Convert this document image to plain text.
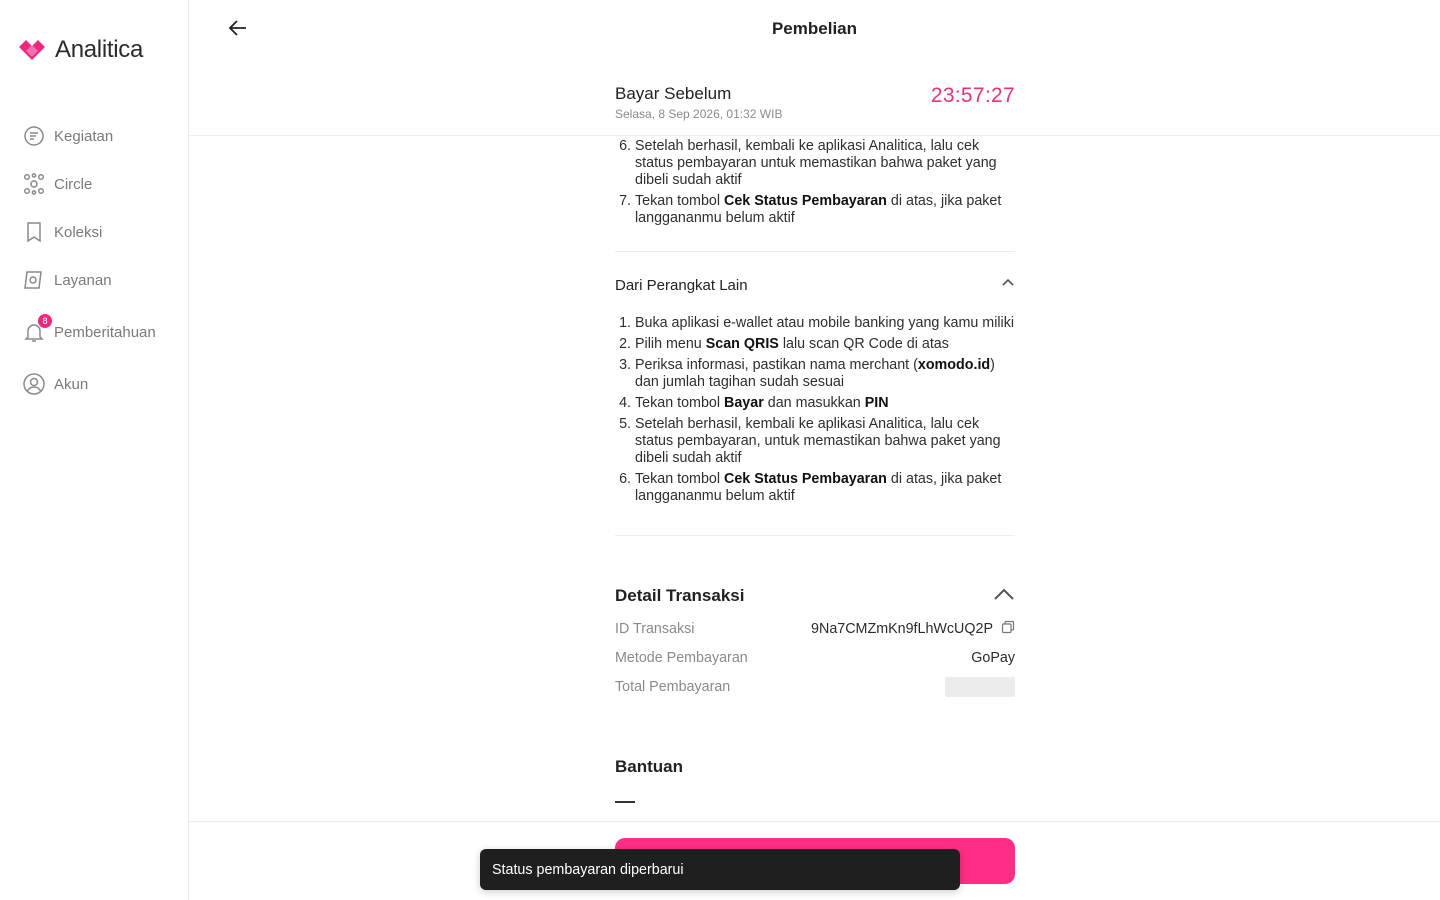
Analitica
Kegiatan
Circle
Koleksi
Layanan
8
Pemberitahuan
Akun
Pembelian
Bayar Sebelum
Selasa, 8 Sep 2026, 01:32 WIB
23:57:27
6. Setelah berhasil, kembali ke aplikasi Analitica, lalu cek status pembayaran untuk memastikan bahwa paket yang dibeli sudah aktif
7. Tekan tombol Cek Status Pembayaran di atas, jika paket langgananmu belum aktif
Dari Perangkat Lain
1. Buka aplikasi e-wallet atau mobile banking yang kamu miliki
2. Pilih menu Scan QRIS lalu scan QR Code di atas
3. Periksa informasi, pastikan nama merchant (xomodo.id) dan jumlah tagihan sudah sesuai
4. Tekan tombol Bayar dan masukkan PIN
5. Setelah berhasil, kembali ke aplikasi Analitica, lalu cek status pembayaran, untuk memastikan bahwa paket yang dibeli sudah aktif
6. Tekan tombol Cek Status Pembayaran di atas, jika paket langgananmu belum aktif
Detail Transaksi
ID Transaksi	9Na7CMZmKn9fLhWcUQ2P
Metode Pembayaran	GoPay
Total Pembayaran
Bantuan
Status pembayaran diperbarui
